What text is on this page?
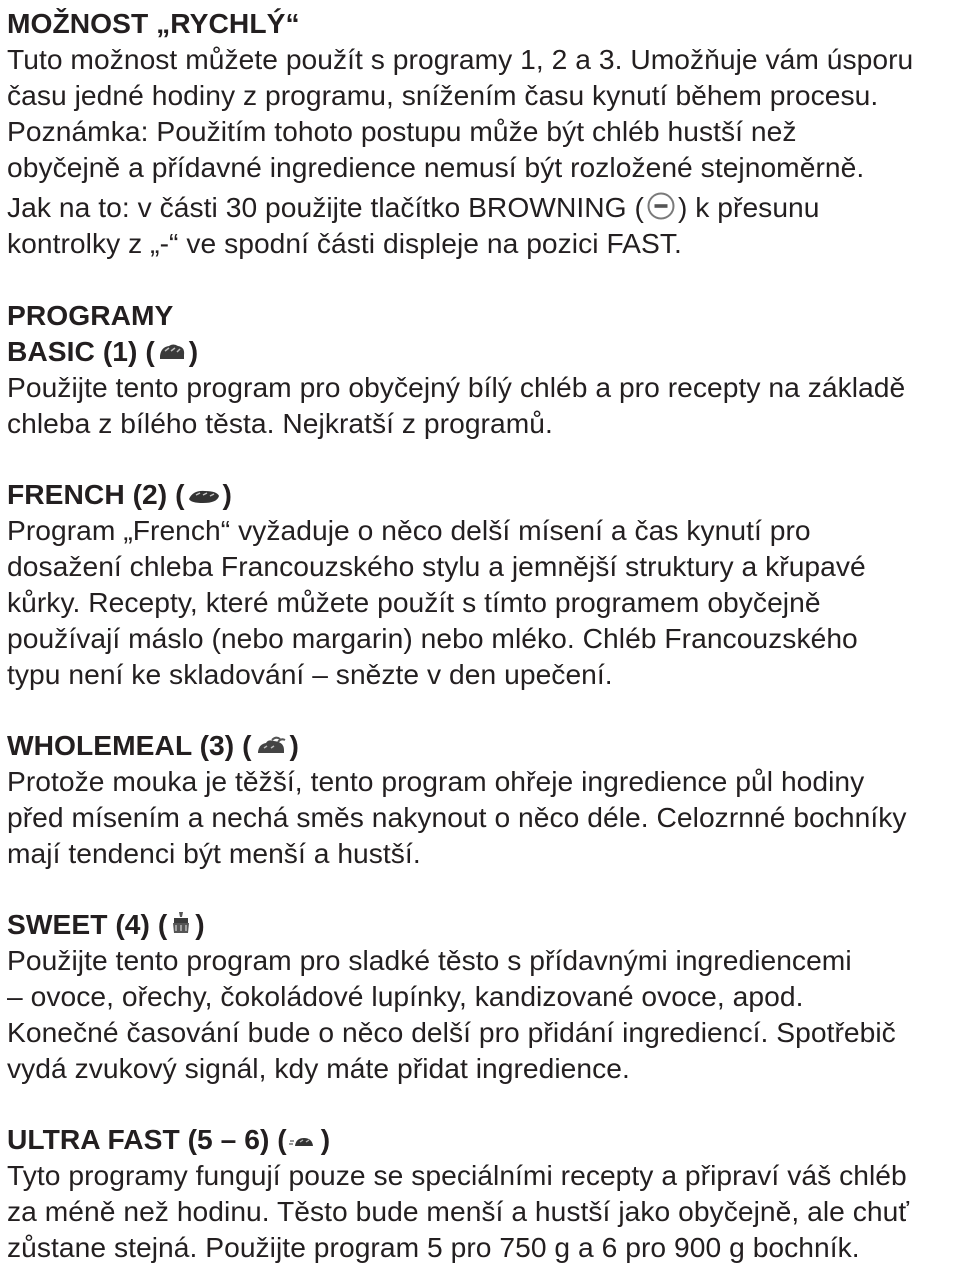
MOŽNOST „RYCHLÝ“
Tuto možnost můžete použít s programy 1, 2 a 3. Umožňuje vám úsporu
času jedné hodiny z programu, snížením času kynutí během procesu.
Poznámka: Použitím tohoto postupu může být chléb hustší než
obyčejně a přídavné ingredience nemusí být rozložené stejnoměrně.
Jak na to: v části 30 použijte tlačítko BROWNING ( ) k přesunu
kontrolky z „-“ ve spodní části displeje na pozici FAST.
PROGRAMY
BASIC (1) ( )
Použijte tento program pro obyčejný bílý chléb a pro recepty na základě
chleba z bílého těsta. Nejkratší z programů.
FRENCH (2) ( )
Program „French“ vyžaduje o něco delší mísení a čas kynutí pro
dosažení chleba Francouzského stylu a jemnější struktury a křupavé
kůrky. Recepty, které můžete použít s tímto programem obyčejně
používají máslo (nebo margarin) nebo mléko. Chléb Francouzského
typu není ke skladování – snězte v den upečení.
WHOLEMEAL (3) ( )
Protože mouka je těžší, tento program ohřeje ingredience půl hodiny
před mísením a nechá směs nakynout o něco déle. Celozrnné bochníky
mají tendenci být menší a hustší.
SWEET (4) ( )
Použijte tento program pro sladké těsto s přídavnými ingrediencemi
– ovoce, ořechy, čokoládové lupínky, kandizované ovoce, apod.
Konečné časování bude o něco delší pro přidání ingrediencí. Spotřebič
vydá zvukový signál, kdy máte přidat ingredience.
ULTRA FAST (5 – 6) ( )
Tyto programy fungují pouze se speciálními recepty a připraví váš chléb
za méně než hodinu. Těsto bude menší a hustší jako obyčejně, ale chuť
zůstane stejná. Použijte program 5 pro 750 g a 6 pro 900 g bochník.
